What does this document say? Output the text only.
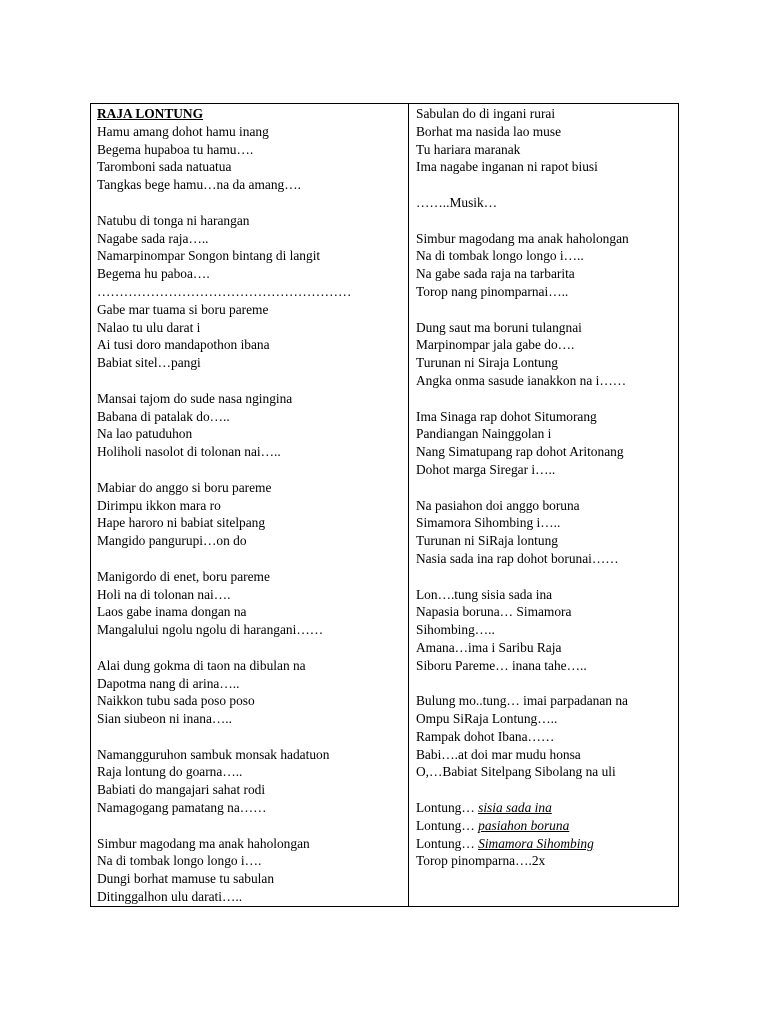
RAJA LONTUNG
Hamu amang dohot hamu inang
Begema hupaboa tu hamu….
Taromboni sada natuatua
Tangkas bege hamu…na da amang….
Natubu di tonga ni harangan
Nagabe sada raja…..
Namarpinompar Songon bintang di langit
Begema hu paboa….
…………………………………………………
Gabe mar tuama si boru pareme
Nalao tu ulu darat i
Ai tusi doro mandapothon ibana
Babiat sitel…pangi
Mansai tajom do sude nasa ngingina
Babana di patalak do…..
Na lao patuduhon
Holiholi nasolot di tolonan nai…..
Mabiar do anggo si boru pareme
Dirimpu ikkon mara ro
Hape haroro ni babiat sitelpang
Mangido pangurupi…on do
Manigordo di enet, boru pareme
Holi na di tolonan nai….
Laos gabe inama dongan na
Mangalului ngolu ngolu di harangani……
Alai dung gokma di taon na dibulan na
Dapotma nang di arina…..
Naikkon tubu sada poso poso
Sian siubeon ni inana…..
Namangguruhon sambuk monsak hadatuon
Raja lontung do goarna…..
Babiati do mangajari sahat rodi
Namagogang pamatang na……
Simbur magodang ma anak haholongan
Na di tombak longo longo i….
Dungi borhat mamuse tu sabulan
Ditinggalhon ulu darati…..
Sabulan do di ingani rurai
Borhat ma nasida lao muse
Tu hariara maranak
Ima nagabe inganan ni rapot biusi
……..Musik…
Simbur magodang ma anak haholongan
Na di tombak longo longo i…..
Na gabe sada raja na tarbarita
Torop nang pinomparnai…..
Dung saut ma boruni tulangnai
Marpinompar jala gabe do….
Turunan ni Siraja Lontung
Angka onma sasude ianakkon na i……
Ima Sinaga rap dohot Situmorang
Pandiangan Nainggolan i
Nang Simatupang rap dohot Aritonang
Dohot marga Siregar i…..
Na pasiahon doi anggo boruna
Simamora Sihombing i…..
Turunan ni SiRaja lontung
Nasia sada ina rap dohot borunai……
Lon….tung sisia sada ina
Napasia boruna… Simamora
Sihombing…..
Amana…ima i Saribu Raja
Siboru Pareme… inana tahe…..
Bulung mo..tung… imai parpadanan na
Ompu SiRaja Lontung…..
Rampak dohot Ibana……
Babi….at doi mar mudu honsa
O,…Babiat Sitelpang Sibolang na uli
Lontung… sisia sada ina
Lontung… pasiahon boruna
Lontung… Simamora Sihombing
Torop pinomparna….2x
